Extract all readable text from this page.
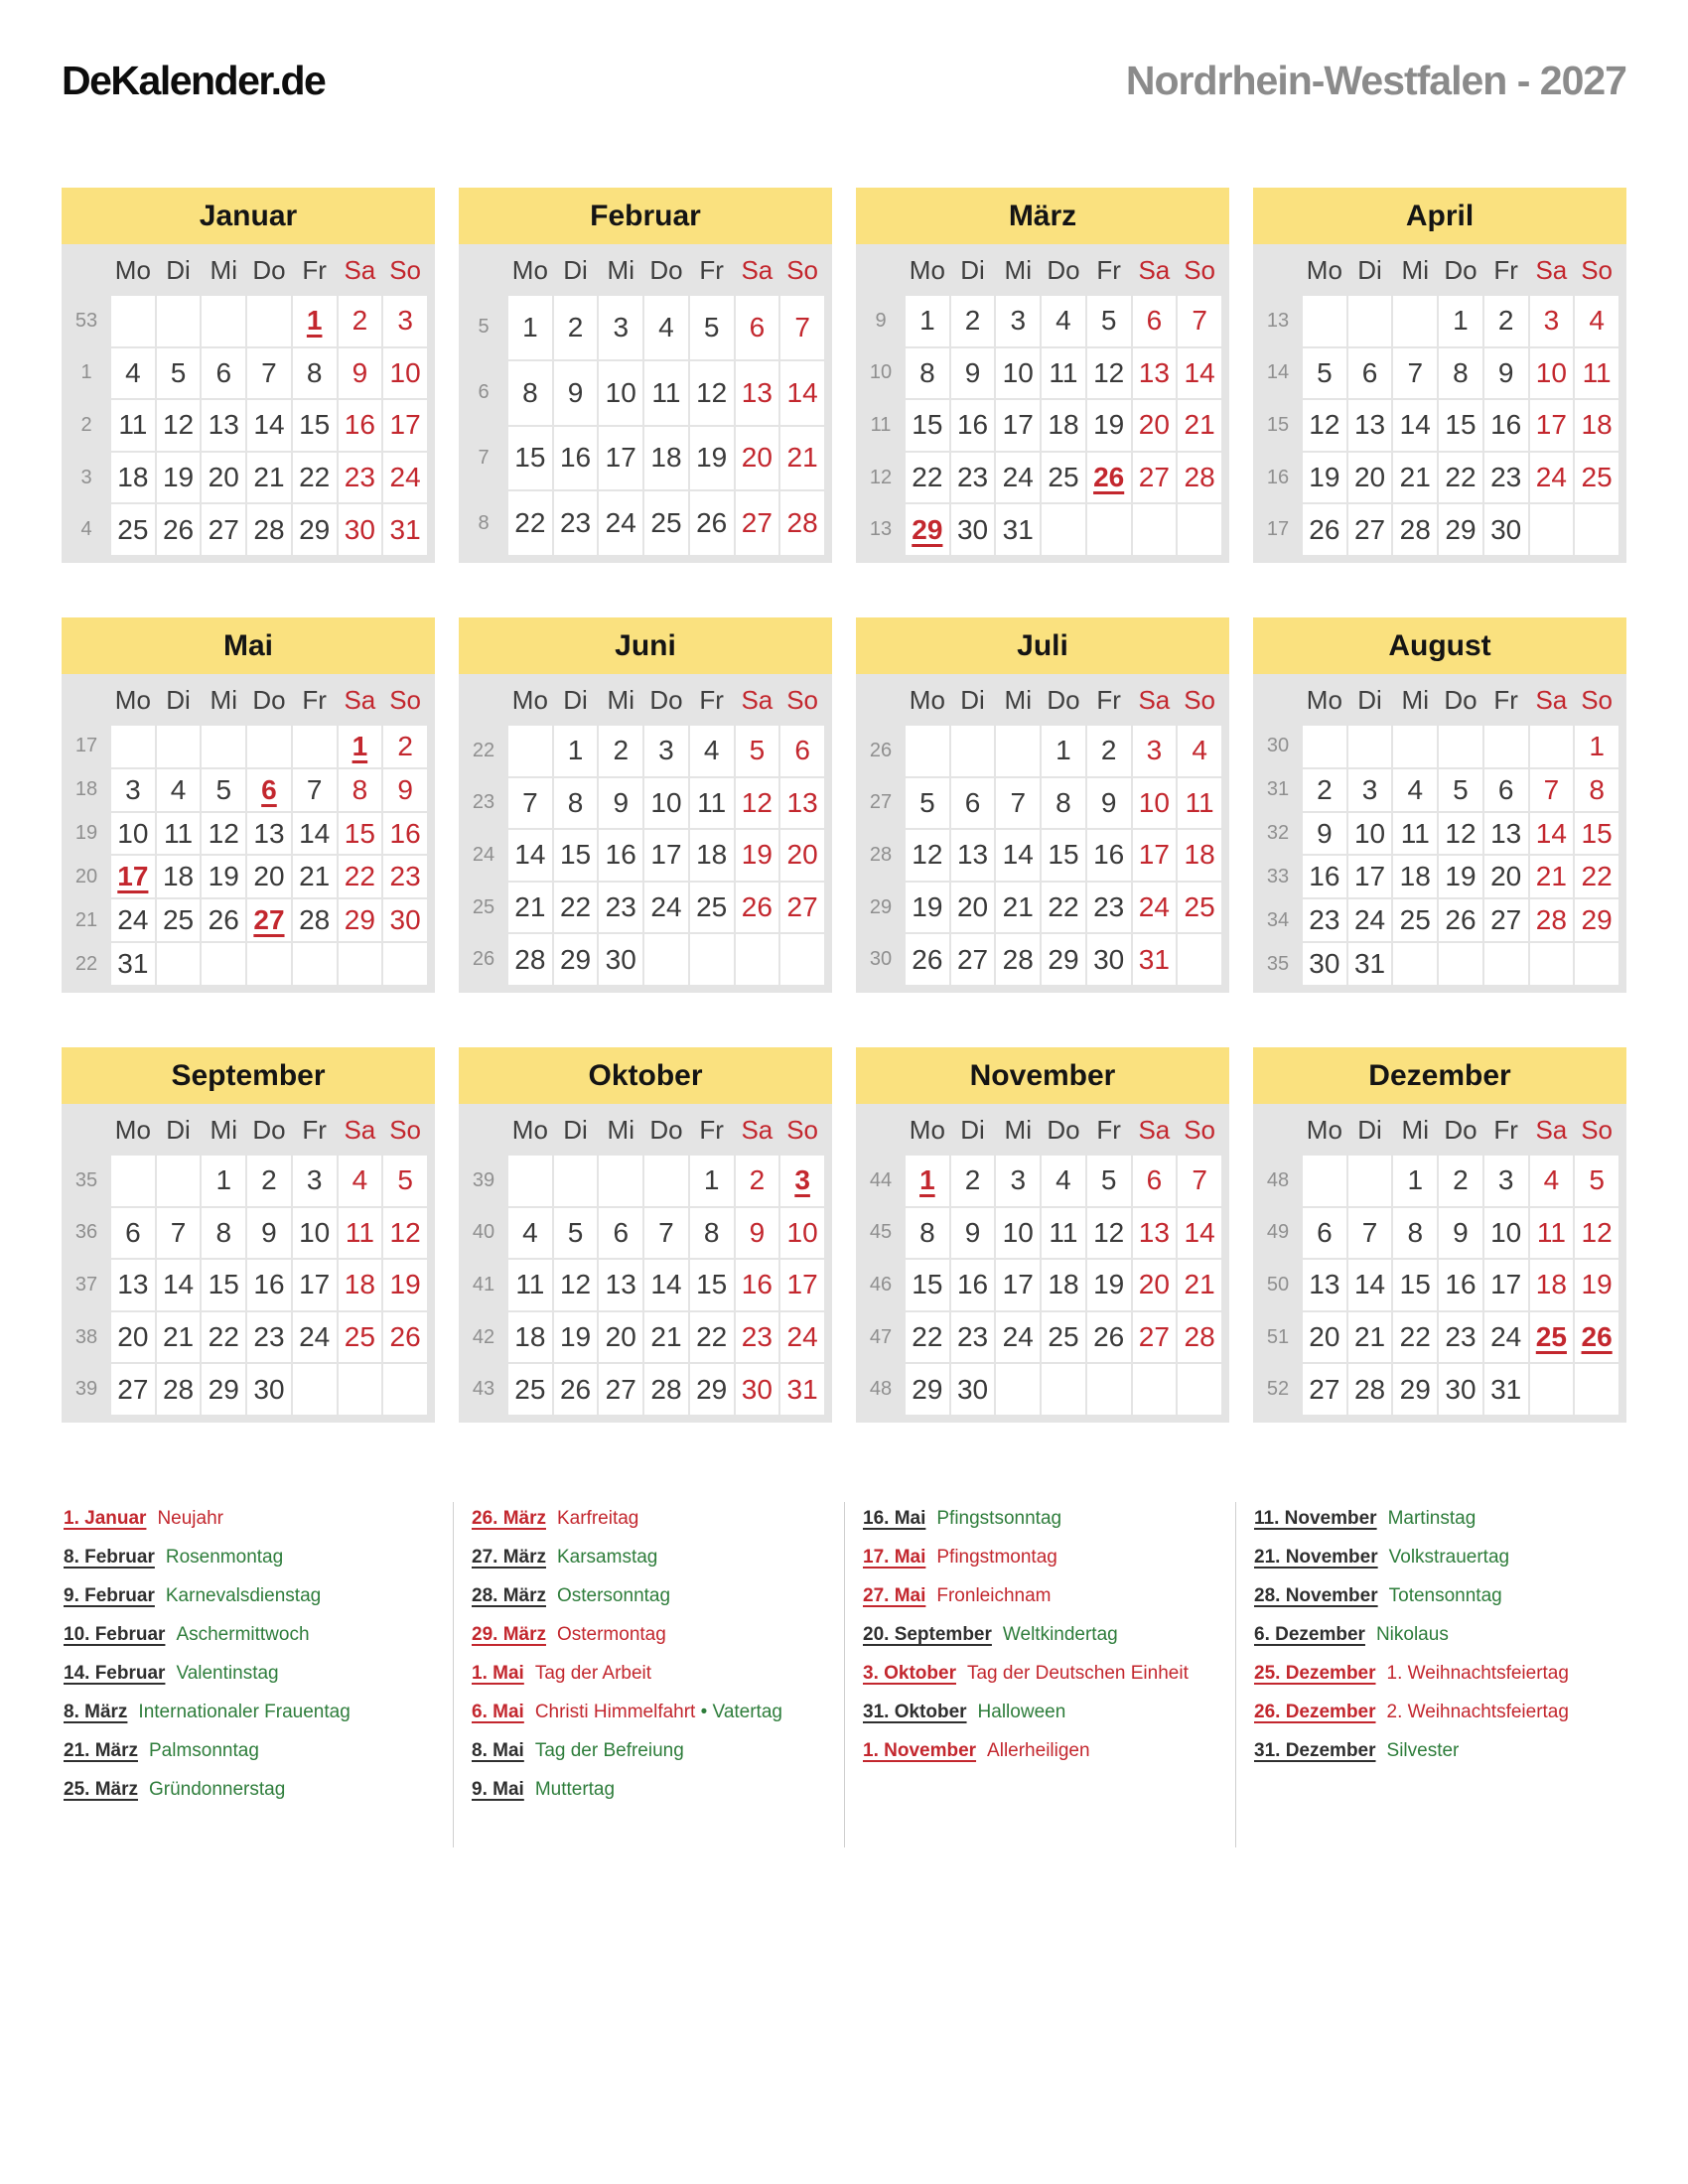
DeKalender.de	Nordrhein-Westfalen - 2027
Januar
	Mo	Di	Mi	Do	Fr	Sa	So
53					1	2	3
1	4	5	6	7	8	9	10
2	11	12	13	14	15	16	17
3	18	19	20	21	22	23	24
4	25	26	27	28	29	30	31
Februar
	Mo	Di	Mi	Do	Fr	Sa	So
5	1	2	3	4	5	6	7
6	8	9	10	11	12	13	14
7	15	16	17	18	19	20	21
8	22	23	24	25	26	27	28
März
	Mo	Di	Mi	Do	Fr	Sa	So
9	1	2	3	4	5	6	7
10	8	9	10	11	12	13	14
11	15	16	17	18	19	20	21
12	22	23	24	25	26	27	28
13	29	30	31				
April
	Mo	Di	Mi	Do	Fr	Sa	So
13				1	2	3	4
14	5	6	7	8	9	10	11
15	12	13	14	15	16	17	18
16	19	20	21	22	23	24	25
17	26	27	28	29	30		
Mai
	Mo	Di	Mi	Do	Fr	Sa	So
17						1	2
18	3	4	5	6	7	8	9
19	10	11	12	13	14	15	16
20	17	18	19	20	21	22	23
21	24	25	26	27	28	29	30
22	31						
Juni
	Mo	Di	Mi	Do	Fr	Sa	So
22		1	2	3	4	5	6
23	7	8	9	10	11	12	13
24	14	15	16	17	18	19	20
25	21	22	23	24	25	26	27
26	28	29	30				
Juli
	Mo	Di	Mi	Do	Fr	Sa	So
26				1	2	3	4
27	5	6	7	8	9	10	11
28	12	13	14	15	16	17	18
29	19	20	21	22	23	24	25
30	26	27	28	29	30	31	
August
	Mo	Di	Mi	Do	Fr	Sa	So
30							1
31	2	3	4	5	6	7	8
32	9	10	11	12	13	14	15
33	16	17	18	19	20	21	22
34	23	24	25	26	27	28	29
35	30	31					
September
	Mo	Di	Mi	Do	Fr	Sa	So
35			1	2	3	4	5
36	6	7	8	9	10	11	12
37	13	14	15	16	17	18	19
38	20	21	22	23	24	25	26
39	27	28	29	30			
Oktober
	Mo	Di	Mi	Do	Fr	Sa	So
39					1	2	3
40	4	5	6	7	8	9	10
41	11	12	13	14	15	16	17
42	18	19	20	21	22	23	24
43	25	26	27	28	29	30	31
November
	Mo	Di	Mi	Do	Fr	Sa	So
44	1	2	3	4	5	6	7
45	8	9	10	11	12	13	14
46	15	16	17	18	19	20	21
47	22	23	24	25	26	27	28
48	29	30					
Dezember
	Mo	Di	Mi	Do	Fr	Sa	So
48			1	2	3	4	5
49	6	7	8	9	10	11	12
50	13	14	15	16	17	18	19
51	20	21	22	23	24	25	26
52	27	28	29	30	31		
1. Januar Neujahr
8. Februar Rosenmontag
9. Februar Karnevalsdienstag
10. Februar Aschermittwoch
14. Februar Valentinstag
8. März Internationaler Frauentag
21. März Palmsonntag
25. März Gründonnerstag
26. März Karfreitag
27. März Karsamstag
28. März Ostersonntag
29. März Ostermontag
1. Mai Tag der Arbeit
6. Mai Christi Himmelfahrt • Vatertag
8. Mai Tag der Befreiung
9. Mai Muttertag
16. Mai Pfingstsonntag
17. Mai Pfingstmontag
27. Mai Fronleichnam
20. September Weltkindertag
3. Oktober Tag der Deutschen Einheit
31. Oktober Halloween
1. November Allerheiligen
11. November Martinstag
21. November Volkstrauertag
28. November Totensonntag
6. Dezember Nikolaus
25. Dezember 1. Weihnachtsfeiertag
26. Dezember 2. Weihnachtsfeiertag
31. Dezember Silvester
